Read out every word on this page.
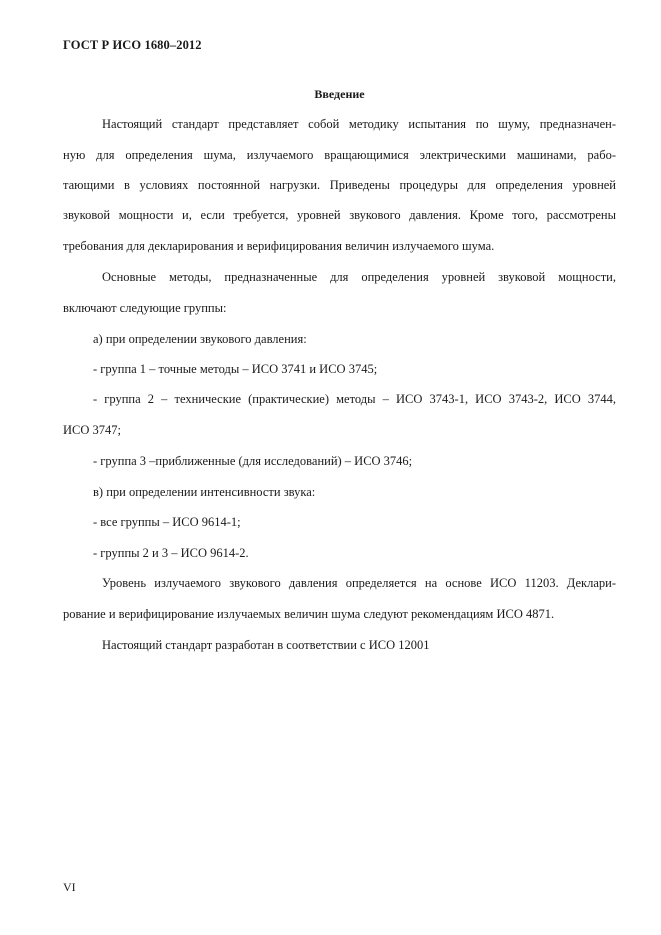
ГОСТ Р ИСО 1680–2012
Введение
Настоящий стандарт представляет собой методику испытания по шуму, предназначен-
ную для определения шума, излучаемого вращающимися электрическими машинами, рабо-
тающими в условиях постоянной нагрузки. Приведены процедуры для определения уровней
звуковой мощности и, если требуется, уровней звукового давления. Кроме того, рассмотрены
требования для декларирования и верифицирования величин излучаемого шума.
Основные методы, предназначенные для определения уровней звуковой мощности,
включают следующие группы:
а) при определении звукового давления:
- группа 1 – точные методы – ИСО 3741 и ИСО 3745;
- группа 2 – технические (практические) методы – ИСО 3743-1, ИСО 3743-2, ИСО 3744,
ИСО 3747;
- группа 3 –приближенные (для исследований) – ИСО 3746;
в) при определении интенсивности звука:
- все группы – ИСО 9614-1;
- группы 2 и 3 – ИСО 9614-2.
Уровень излучаемого звукового давления определяется на основе ИСО 11203. Деклари-
рование и верифицирование излучаемых величин шума следуют рекомендациям ИСО 4871.
Настоящий стандарт разработан в соответствии с ИСО 12001
VI
